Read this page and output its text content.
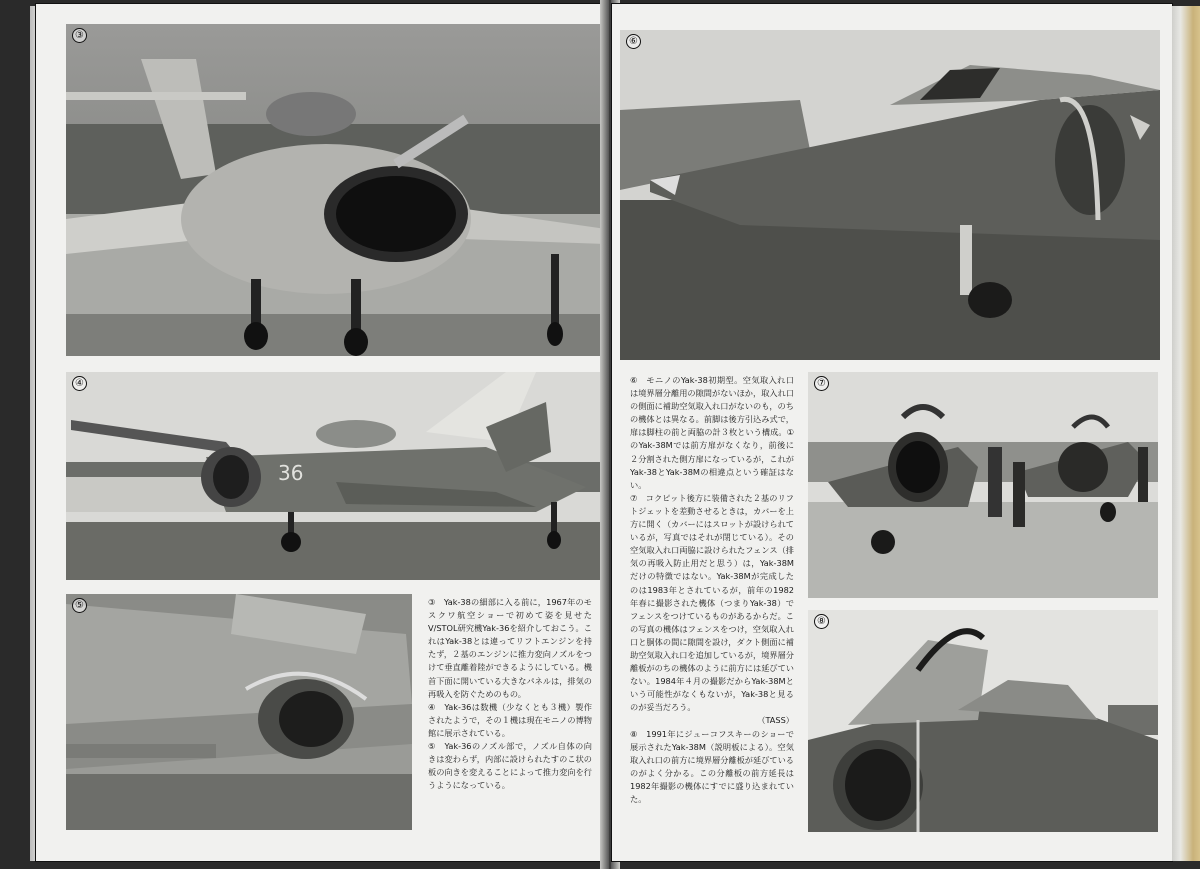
③
36
④
⑤	③　Yak-38の細部に入る前に，1967年のモスクワ航空ショーで初めて姿を見せたV/STOL研究機Yak-36を紹介しておこう。これはYak-38とは違ってリフトエンジンを持たず，２基のエンジンに推力変向ノズルをつけて垂直離着陸ができるようにしている。機首下面に開いている大きなパネルは，排気の再吸入を防ぐためのもの。

④　Yak-36は数機（少なくとも３機）製作されたようで，その１機は現在モニノの博物館に展示されている。

⑤　Yak-36のノズル部で，ノズル自体の向きは変わらず，内部に設けられたすのこ状の板の向きを変えることによって推力変向を行うようになっている。

⑥

⑥　モニノのYak-38初期型。空気取入れ口は境界層分離用の隙間がないほか，取入れ口の側面に補助空気取入れ口がないのも，のちの機体とは異なる。前脚は後方引込み式で，扉は脚柱の前と両脇の計３枚という構成。①のYak-38Mでは前方扉がなくなり，前後に２分割された側方扉になっているが，これがYak-38とYak-38Mの相違点という確証はない。

⑦　コクピット後方に装備された２基のリフトジェットを差動させるときは，カバーを上方に開く（カバーにはスロットが設けられているが，写真ではそれが閉じている）。その空気取入れ口両脇に設けられたフェンス（排気の再吸入防止用だと思う）は，Yak-38Mだけの特徴ではない。Yak-38Mが完成したのは1983年とされているが，前年の1982年春に撮影された機体（つまりYak-38）でフェンスをつけているものがあるからだ。この写真の機体はフェンスをつけ，空気取入れ口と胴体の間に隙間を設け，ダクト側面に補助空気取入れ口を追加しているが，境界層分離板がのちの機体のように前方には延びていない。1984年４月の撮影だからYak-38Mという可能性がなくもないが，Yak-38と見るのが妥当だろう。

（TASS）

⑧　1991年にジューコフスキーのショーで展示されたYak-38M（説明板による）。空気取入れ口の前方に境界層分離板が延びているのがよく分かる。この分離板の前方延長は1982年撮影の機体にすでに盛り込まれていた。

⑦
⑧
